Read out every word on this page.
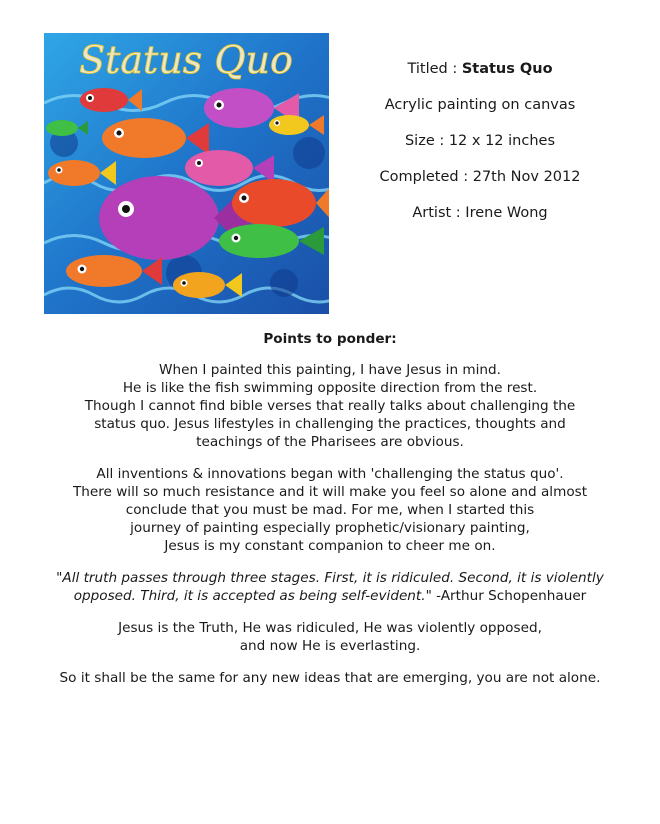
Status Quo	Titled : Status Quo

Acrylic painting on canvas

Size : 12 x 12 inches

Completed : 27th Nov 2012

Artist : Irene Wong

Points to ponder:
When I painted this painting, I have Jesus in mind.
He is like the fish swimming opposite direction from the rest.
Though I cannot find bible verses that really talks about challenging the
status quo. Jesus lifestyles in challenging the practices, thoughts and
teachings of the Pharisees are obvious.
All inventions & innovations began with 'challenging the status quo'.
There will so much resistance and it will make you feel so alone and almost
conclude that you must be mad. For me, when I started this
journey of painting especially prophetic/visionary painting,
Jesus is my constant companion to cheer me on.
"All truth passes through three stages. First, it is ridiculed. Second, it is violently
opposed. Third, it is accepted as being self-evident." -Arthur Schopenhauer
Jesus is the Truth, He was ridiculed, He was violently opposed,
and now He is everlasting.
So it shall be the same for any new ideas that are emerging, you are not alone.
